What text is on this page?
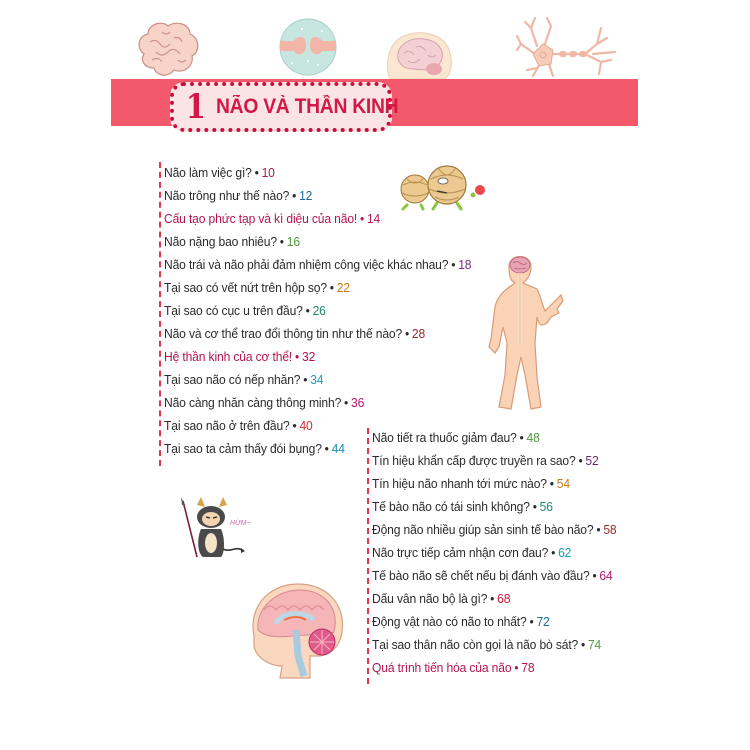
1 NÃO VÀ THẦN KINH
HỪM~
Não làm việc gì? • 10
Não trông như thế nào? • 12
Cấu tạo phức tạp và kì diệu của não! • 14
Não nặng bao nhiêu? • 16
Não trái và não phải đảm nhiệm công việc khác nhau? • 18
Tại sao có vết nứt trên hộp sọ? • 22
Tại sao có cục u trên đầu? • 26
Não và cơ thể trao đổi thông tin như thế nào? • 28
Hệ thần kinh của cơ thể! • 32
Tại sao não có nếp nhăn? • 34
Não càng nhăn càng thông minh? • 36
Tại sao não ở trên đầu? • 40
Tại sao ta cảm thấy đói bụng? • 44
Não tiết ra thuốc giảm đau? • 48
Tín hiệu khẩn cấp được truyền ra sao? • 52
Tín hiệu não nhanh tới mức nào? • 54
Tế bào não có tái sinh không? • 56
Động não nhiều giúp sản sinh tế bào não? • 58
Não trực tiếp cảm nhận cơn đau? • 62
Tế bào não sẽ chết nếu bị đánh vào đầu? • 64
Dấu vân não bộ là gì? • 68
Động vật nào có não to nhất? • 72
Tại sao thân não còn gọi là não bò sát? • 74
Quá trình tiến hóa của não • 78
